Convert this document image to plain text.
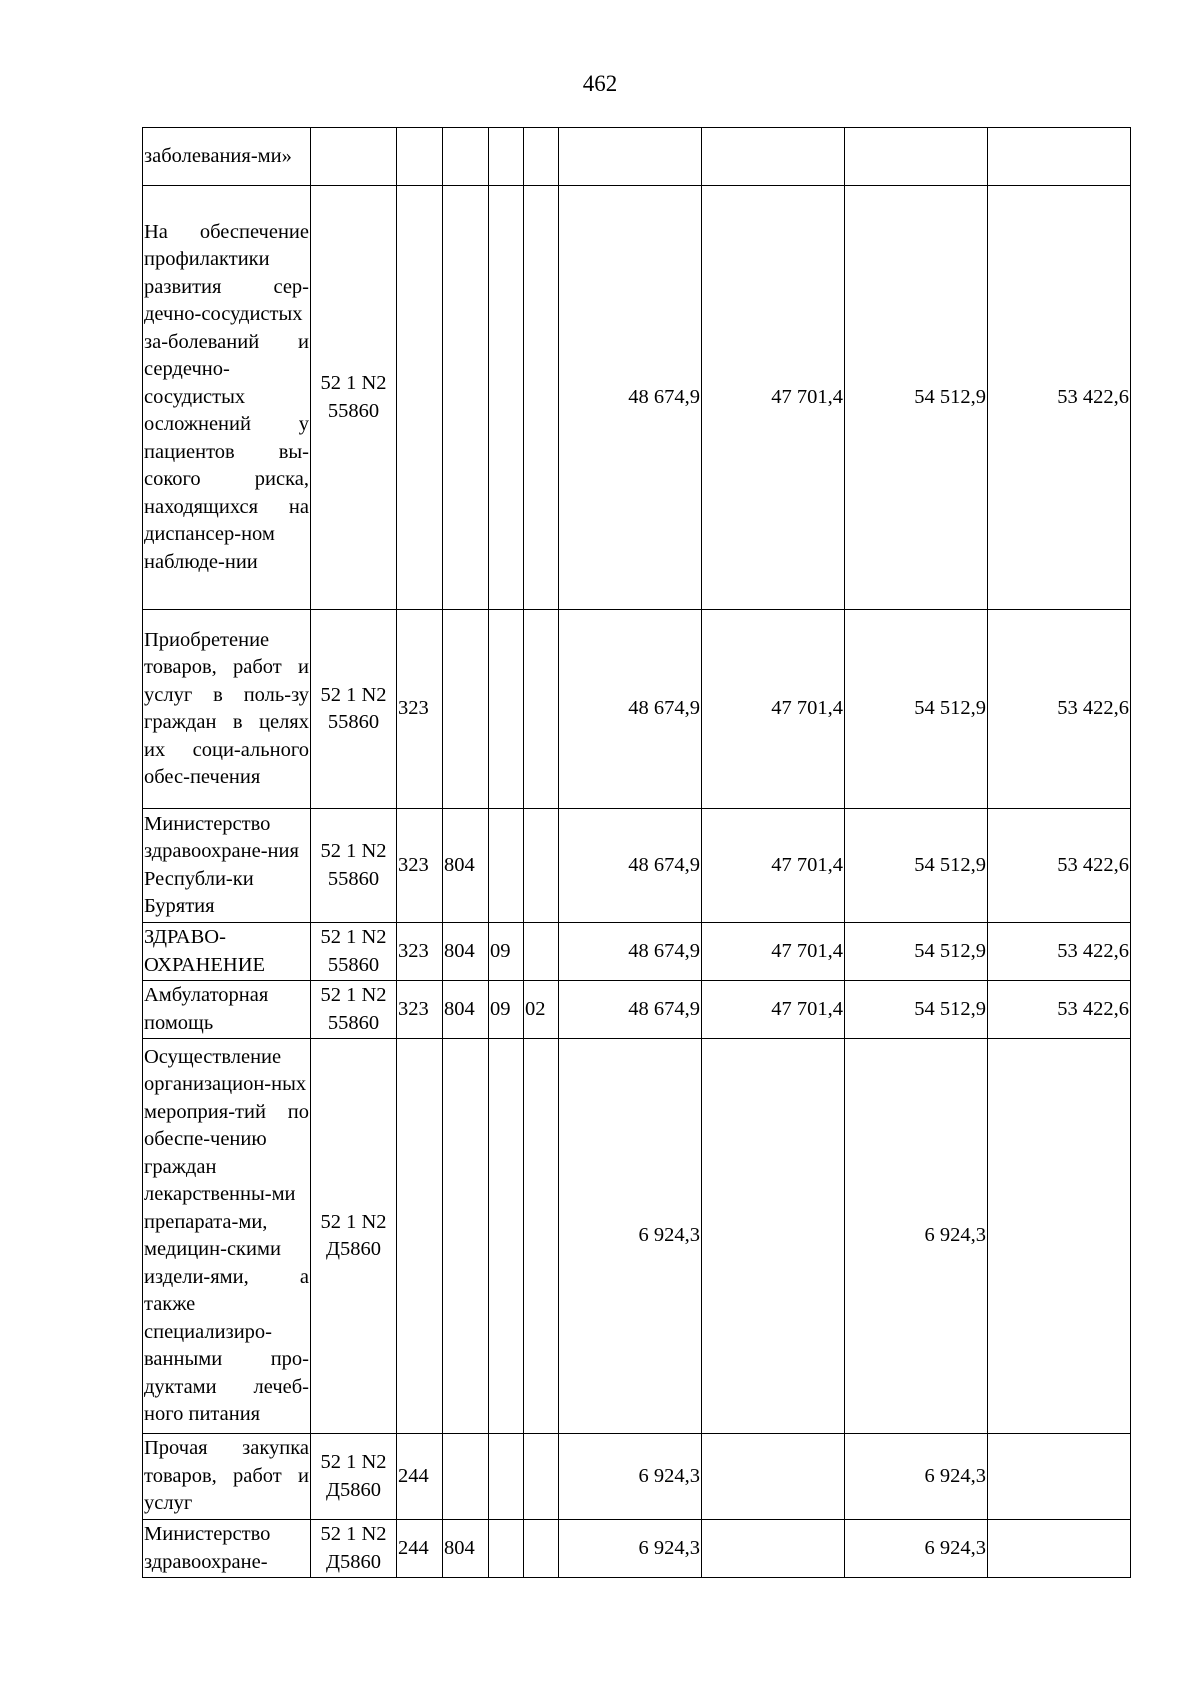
462
заболевания-ми»									
На обеспечение профилактики развития сер-дечно-сосудистых за-болеваний и сердечно-сосудистых осложнений у пациентов вы-сокого риска, находящихся на диспансер-ном наблюде-нии	52 1 N2 55860					48 674,9	47 701,4	54 512,9	53 422,6
Приобретение товаров, работ и услуг в поль-зу граждан в целях их соци-ального обес-печения	52 1 N2 55860	323				48 674,9	47 701,4	54 512,9	53 422,6
Министерство здравоохране-ния Республи-ки Бурятия	52 1 N2 55860	323	804			48 674,9	47 701,4	54 512,9	53 422,6
ЗДРАВО-ОХРАНЕНИЕ	52 1 N2 55860	323	804	09		48 674,9	47 701,4	54 512,9	53 422,6
Амбулаторная помощь	52 1 N2 55860	323	804	09	02	48 674,9	47 701,4	54 512,9	53 422,6
Осуществление организацион-ных мероприя-тий по обеспе-чению граждан лекарственны-ми препарата-ми, медицин-скими издели-ями, а также специализиро-ванными про-дуктами лечеб-ного питания	52 1 N2 Д5860					6 924,3		6 924,3	
Прочая закупка товаров, работ и услуг	52 1 N2 Д5860	244				6 924,3		6 924,3	
Министерство здравоохране-	52 1 N2 Д5860	244	804			6 924,3		6 924,3	
